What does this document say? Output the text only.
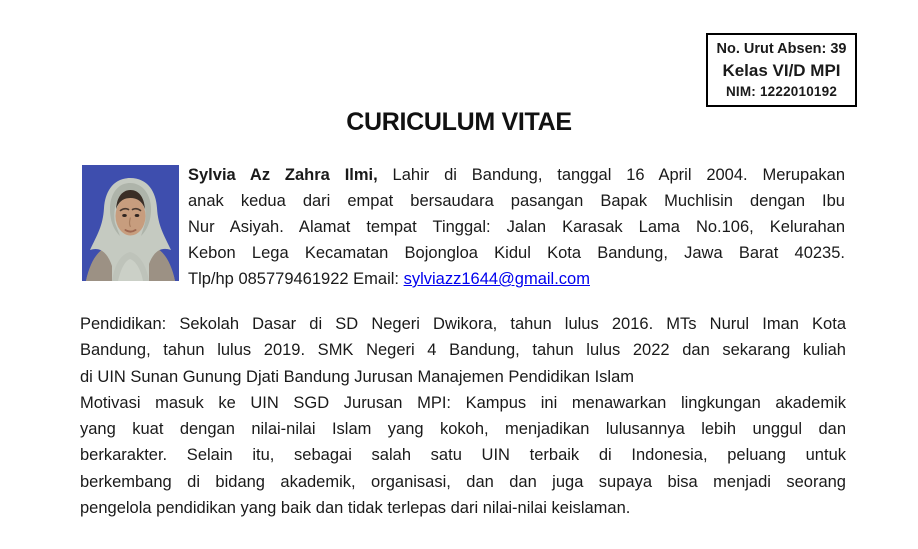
No. Urut Absen: 39
Kelas VI/D MPI
NIM: 1222010192
CURICULUM VITAE
Sylvia Az Zahra Ilmi, Lahir di Bandung, tanggal 16 April 2004. Merupakan
anak kedua dari empat bersaudara pasangan Bapak Muchlisin dengan Ibu
Nur Asiyah. Alamat tempat Tinggal: Jalan Karasak Lama No.106, Kelurahan
Kebon Lega Kecamatan Bojongloa Kidul Kota Bandung, Jawa Barat 40235.
Tlp/hp 085779461922 Email: sylviazz1644@gmail.com
Pendidikan: Sekolah Dasar di SD Negeri Dwikora, tahun lulus 2016. MTs Nurul Iman Kota
Bandung, tahun lulus 2019. SMK Negeri 4 Bandung, tahun lulus 2022 dan sekarang kuliah
di UIN Sunan Gunung Djati Bandung Jurusan Manajemen Pendidikan Islam
Motivasi masuk ke UIN SGD Jurusan MPI: Kampus ini menawarkan lingkungan akademik
yang kuat dengan nilai-nilai Islam yang kokoh, menjadikan lulusannya lebih unggul dan
berkarakter. Selain itu, sebagai salah satu UIN terbaik di Indonesia, peluang untuk
berkembang di bidang akademik, organisasi, dan dan juga supaya bisa menjadi seorang
pengelola pendidikan yang baik dan tidak terlepas dari nilai-nilai keislaman.
